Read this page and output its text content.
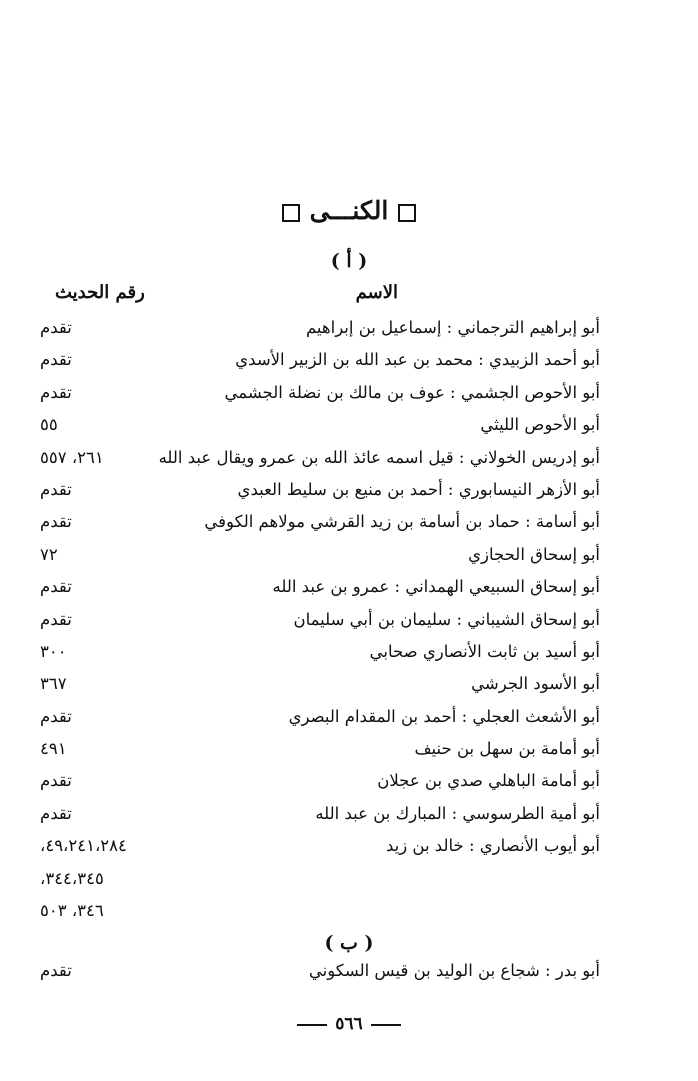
الكنـــى
( أ )
الاسم
رقم الحديث
أبو إبراهيم الترجماني : إسماعيل بن إبراهيم
تقدم
أبو أحمد الزبيدي : محمد بن عبد الله بن الزبير الأسدي
تقدم
أبو الأحوص الجشمي : عوف بن مالك بن نضلة الجشمي
تقدم
أبو الأحوص الليثي
٥٥
أبو إدريس الخولاني : قيل اسمه عائذ الله بن عمرو ويقال عبد الله
٢٦١، ٥٥٧
أبو الأزهر النيسابوري : أحمد بن منيع بن سليط العبدي
تقدم
أبو أسامة : حماد بن أسامة بن زيد القرشي مولاهم الكوفي
تقدم
أبو إسحاق الحجازي
٧٢
أبو إسحاق السبيعي الهمداني : عمرو بن عبد الله
تقدم
أبو إسحاق الشيباني : سليمان بن أبي سليمان
تقدم
أبو أسيد بن ثابت الأنصاري صحابي
٣٠٠
أبو الأسود الجرشي
٣٦٧
أبو الأشعث العجلي : أحمد بن المقدام البصري
تقدم
أبو أمامة بن سهل بن حنيف
٤٩١
أبو أمامة الباهلي صدي بن عجلان
تقدم
أبو أمية الطرسوسي : المبارك بن عبد الله
تقدم
أبو أيوب الأنصاري : خالد بن زيد
٤٩،٢٤١،٢٨٤،
٣٤٤،٣٤٥،
٣٤٦، ٥٠٣
( ب )
أبو بدر : شجاع بن الوليد بن قيس السكوني
تقدم
٥٦٦
